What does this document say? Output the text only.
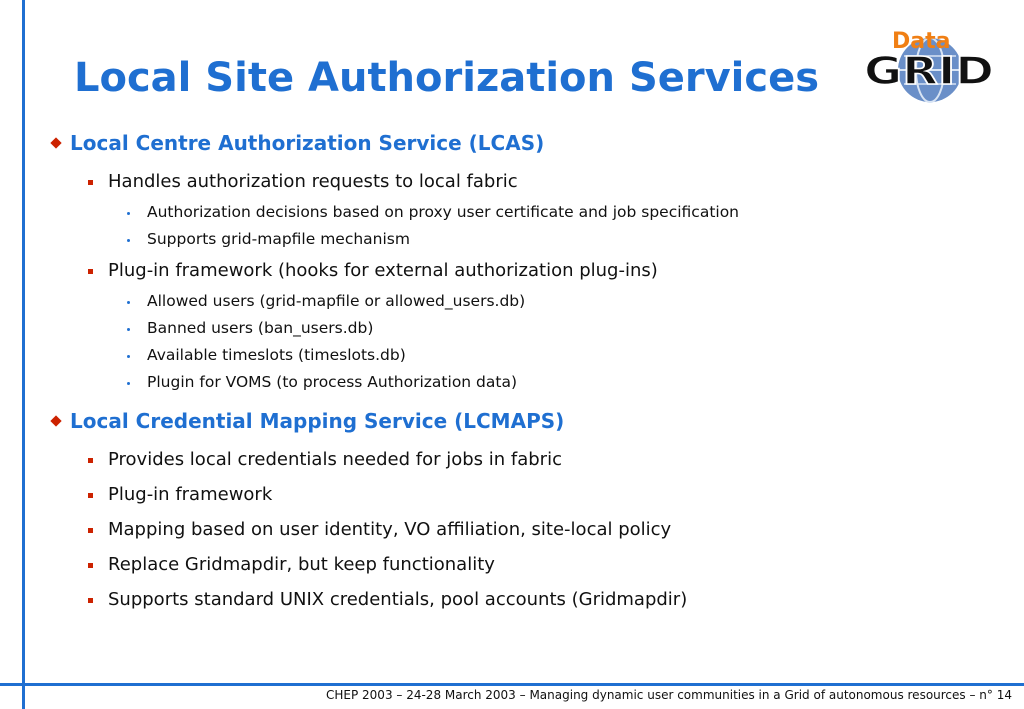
Local Site Authorization Services
Data
GRID
Local Centre Authorization Service (LCAS)
Handles authorization requests to local fabric
Authorization decisions based on proxy user certificate and job specification
Supports grid-mapfile mechanism
Plug-in framework (hooks for external authorization plug-ins)
Allowed users (grid-mapfile or allowed_users.db)
Banned users (ban_users.db)
Available timeslots (timeslots.db)
Plugin for VOMS (to process Authorization data)
Local Credential Mapping Service (LCMAPS)
Provides local credentials needed for jobs in fabric
Plug-in framework
Mapping based on user identity, VO affiliation, site-local policy
Replace Gridmapdir, but keep functionality
Supports standard UNIX credentials, pool accounts (Gridmapdir)
CHEP 2003 – 24-28 March 2003 – Managing dynamic user communities in a Grid of autonomous resources – n° 14
